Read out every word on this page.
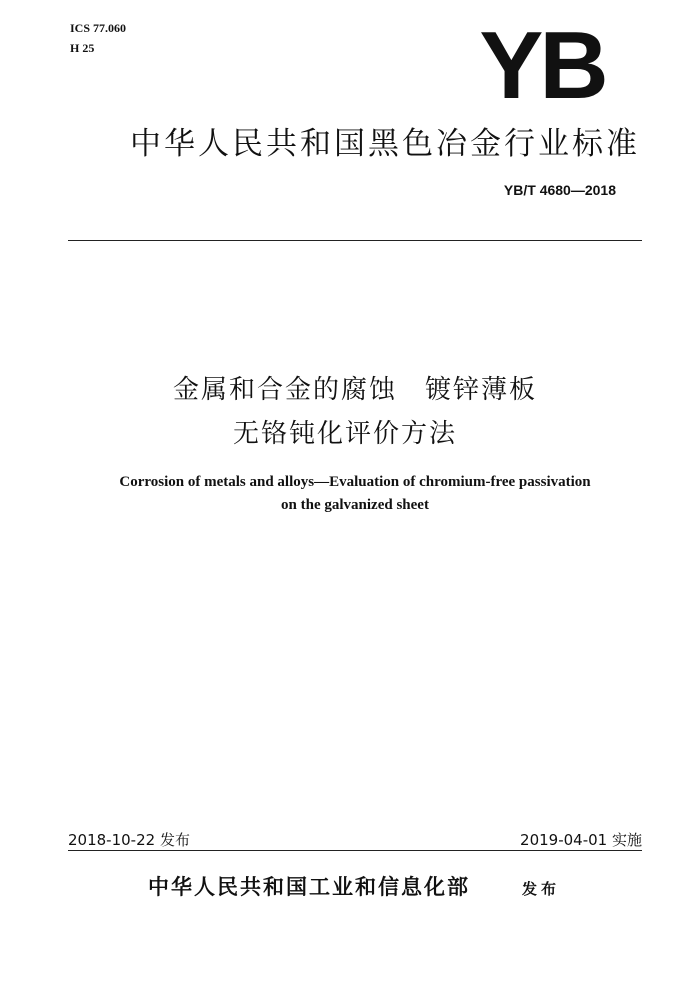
ICS 77.060
H 25	YB
中华人民共和国黑色冶金行业标准
YB/T 4680—2018
金属和合金的腐蚀　镀锌薄板
无铬钝化评价方法
Corrosion of metals and alloys—Evaluation of chromium-free passivation
on the galvanized sheet
2018-10-22 发布	2019-04-01 实施
中华人民共和国工业和信息化部	发布
